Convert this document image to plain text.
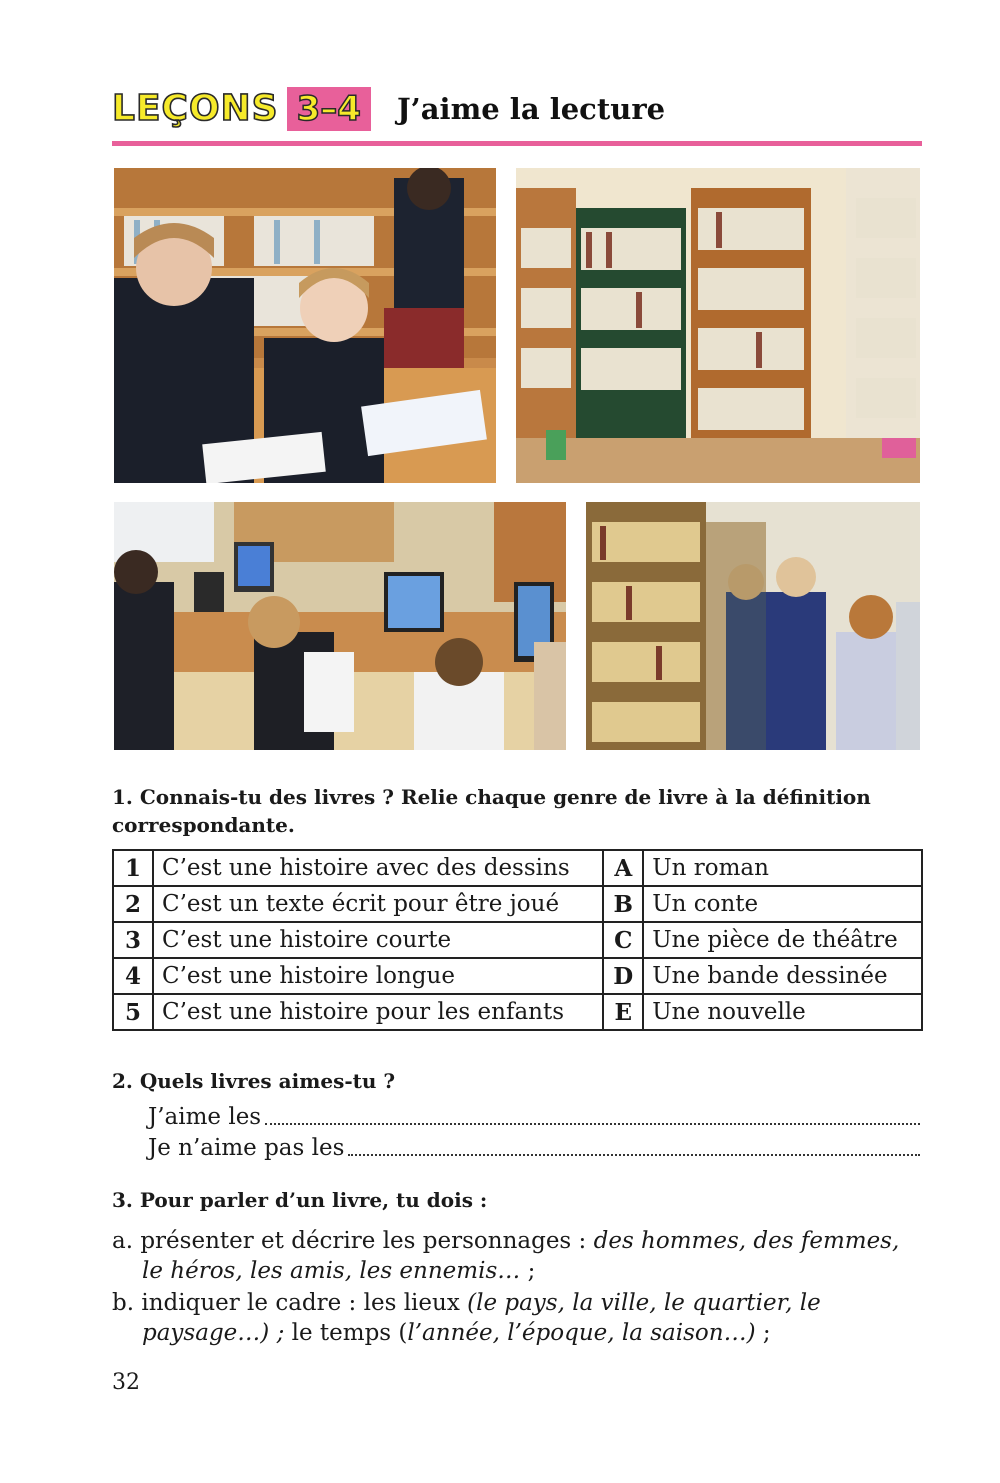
LEÇONS 3–4	J’aime la lecture
1. Connais-tu des livres ? Relie chaque genre de livre à la définition correspondante.
1	C’est une histoire avec des dessins	A	Un roman
2	C’est un texte écrit pour être joué	B	Un conte
3	C’est une histoire courte	C	Une pièce de théâtre
4	C’est une histoire longue	D	Une bande dessinée
5	C’est une histoire pour les enfants	E	Une nouvelle
2. Quels livres aimes-tu ?
J’aime les
Je n’aime pas les
3. Pour parler d’un livre, tu dois :
a. présenter et décrire les personnages : des hommes, des femmes, le héros, les amis, les ennemis… ;
b. indiquer le cadre : les lieux (le pays, la ville, le quartier, le paysage…) ; le temps (l’année, l’époque, la saison…) ;
32
